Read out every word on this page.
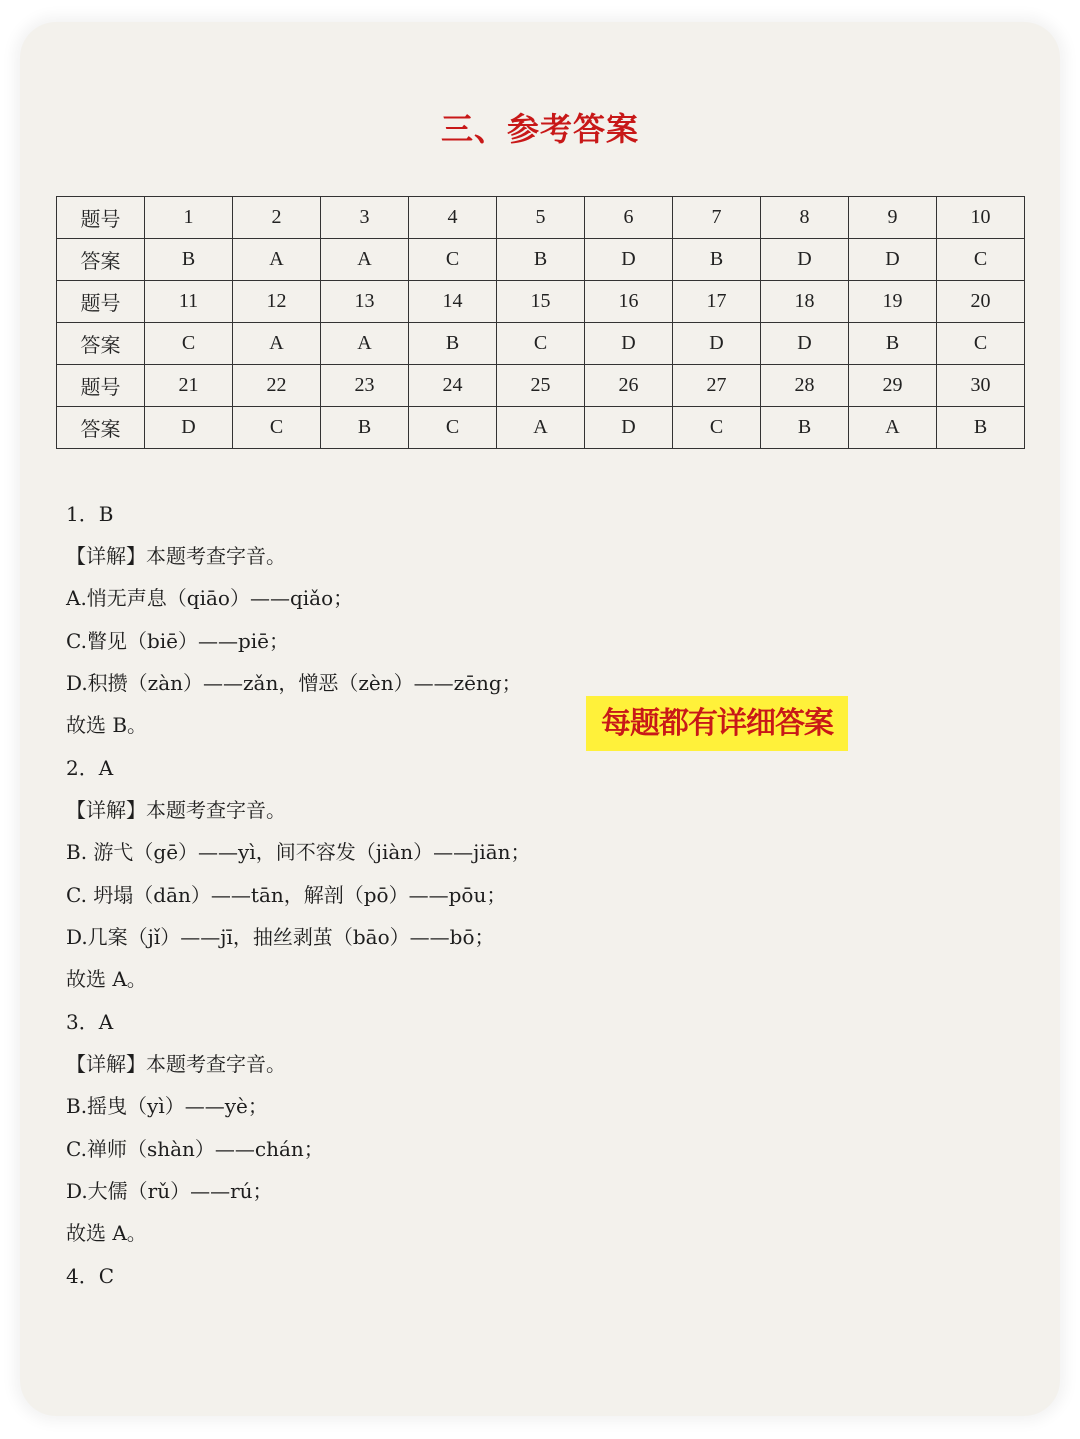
三、参考答案
题号	1	2	3	4	5	6	7	8	9	10
答案	B	A	A	C	B	D	B	D	D	C
题号	11	12	13	14	15	16	17	18	19	20
答案	C	A	A	B	C	D	D	D	B	C
题号	21	22	23	24	25	26	27	28	29	30
答案	D	C	B	C	A	D	C	B	A	B
1．B
【详解】本题考查字音。
A.悄无声息（qiāo）——qiǎo；
C.瞥见（biē）——piē；
D.积攒（zàn）——zǎn，憎恶（zèn）——zēng；
故选 B。
2．A
【详解】本题考查字音。
B. 游弋（gē）——yì，间不容发（jiàn）——jiān；
C. 坍塌（dān）——tān，解剖（pō）——pōu；
D.几案（jǐ）——jī，抽丝剥茧（bāo）——bō；
故选 A。
3．A
【详解】本题考查字音。
B.摇曳（yì）——yè；
C.禅师（shàn）——chán；
D.大儒（rǔ）——rú；
故选 A。
4．C
每题都有详细答案
